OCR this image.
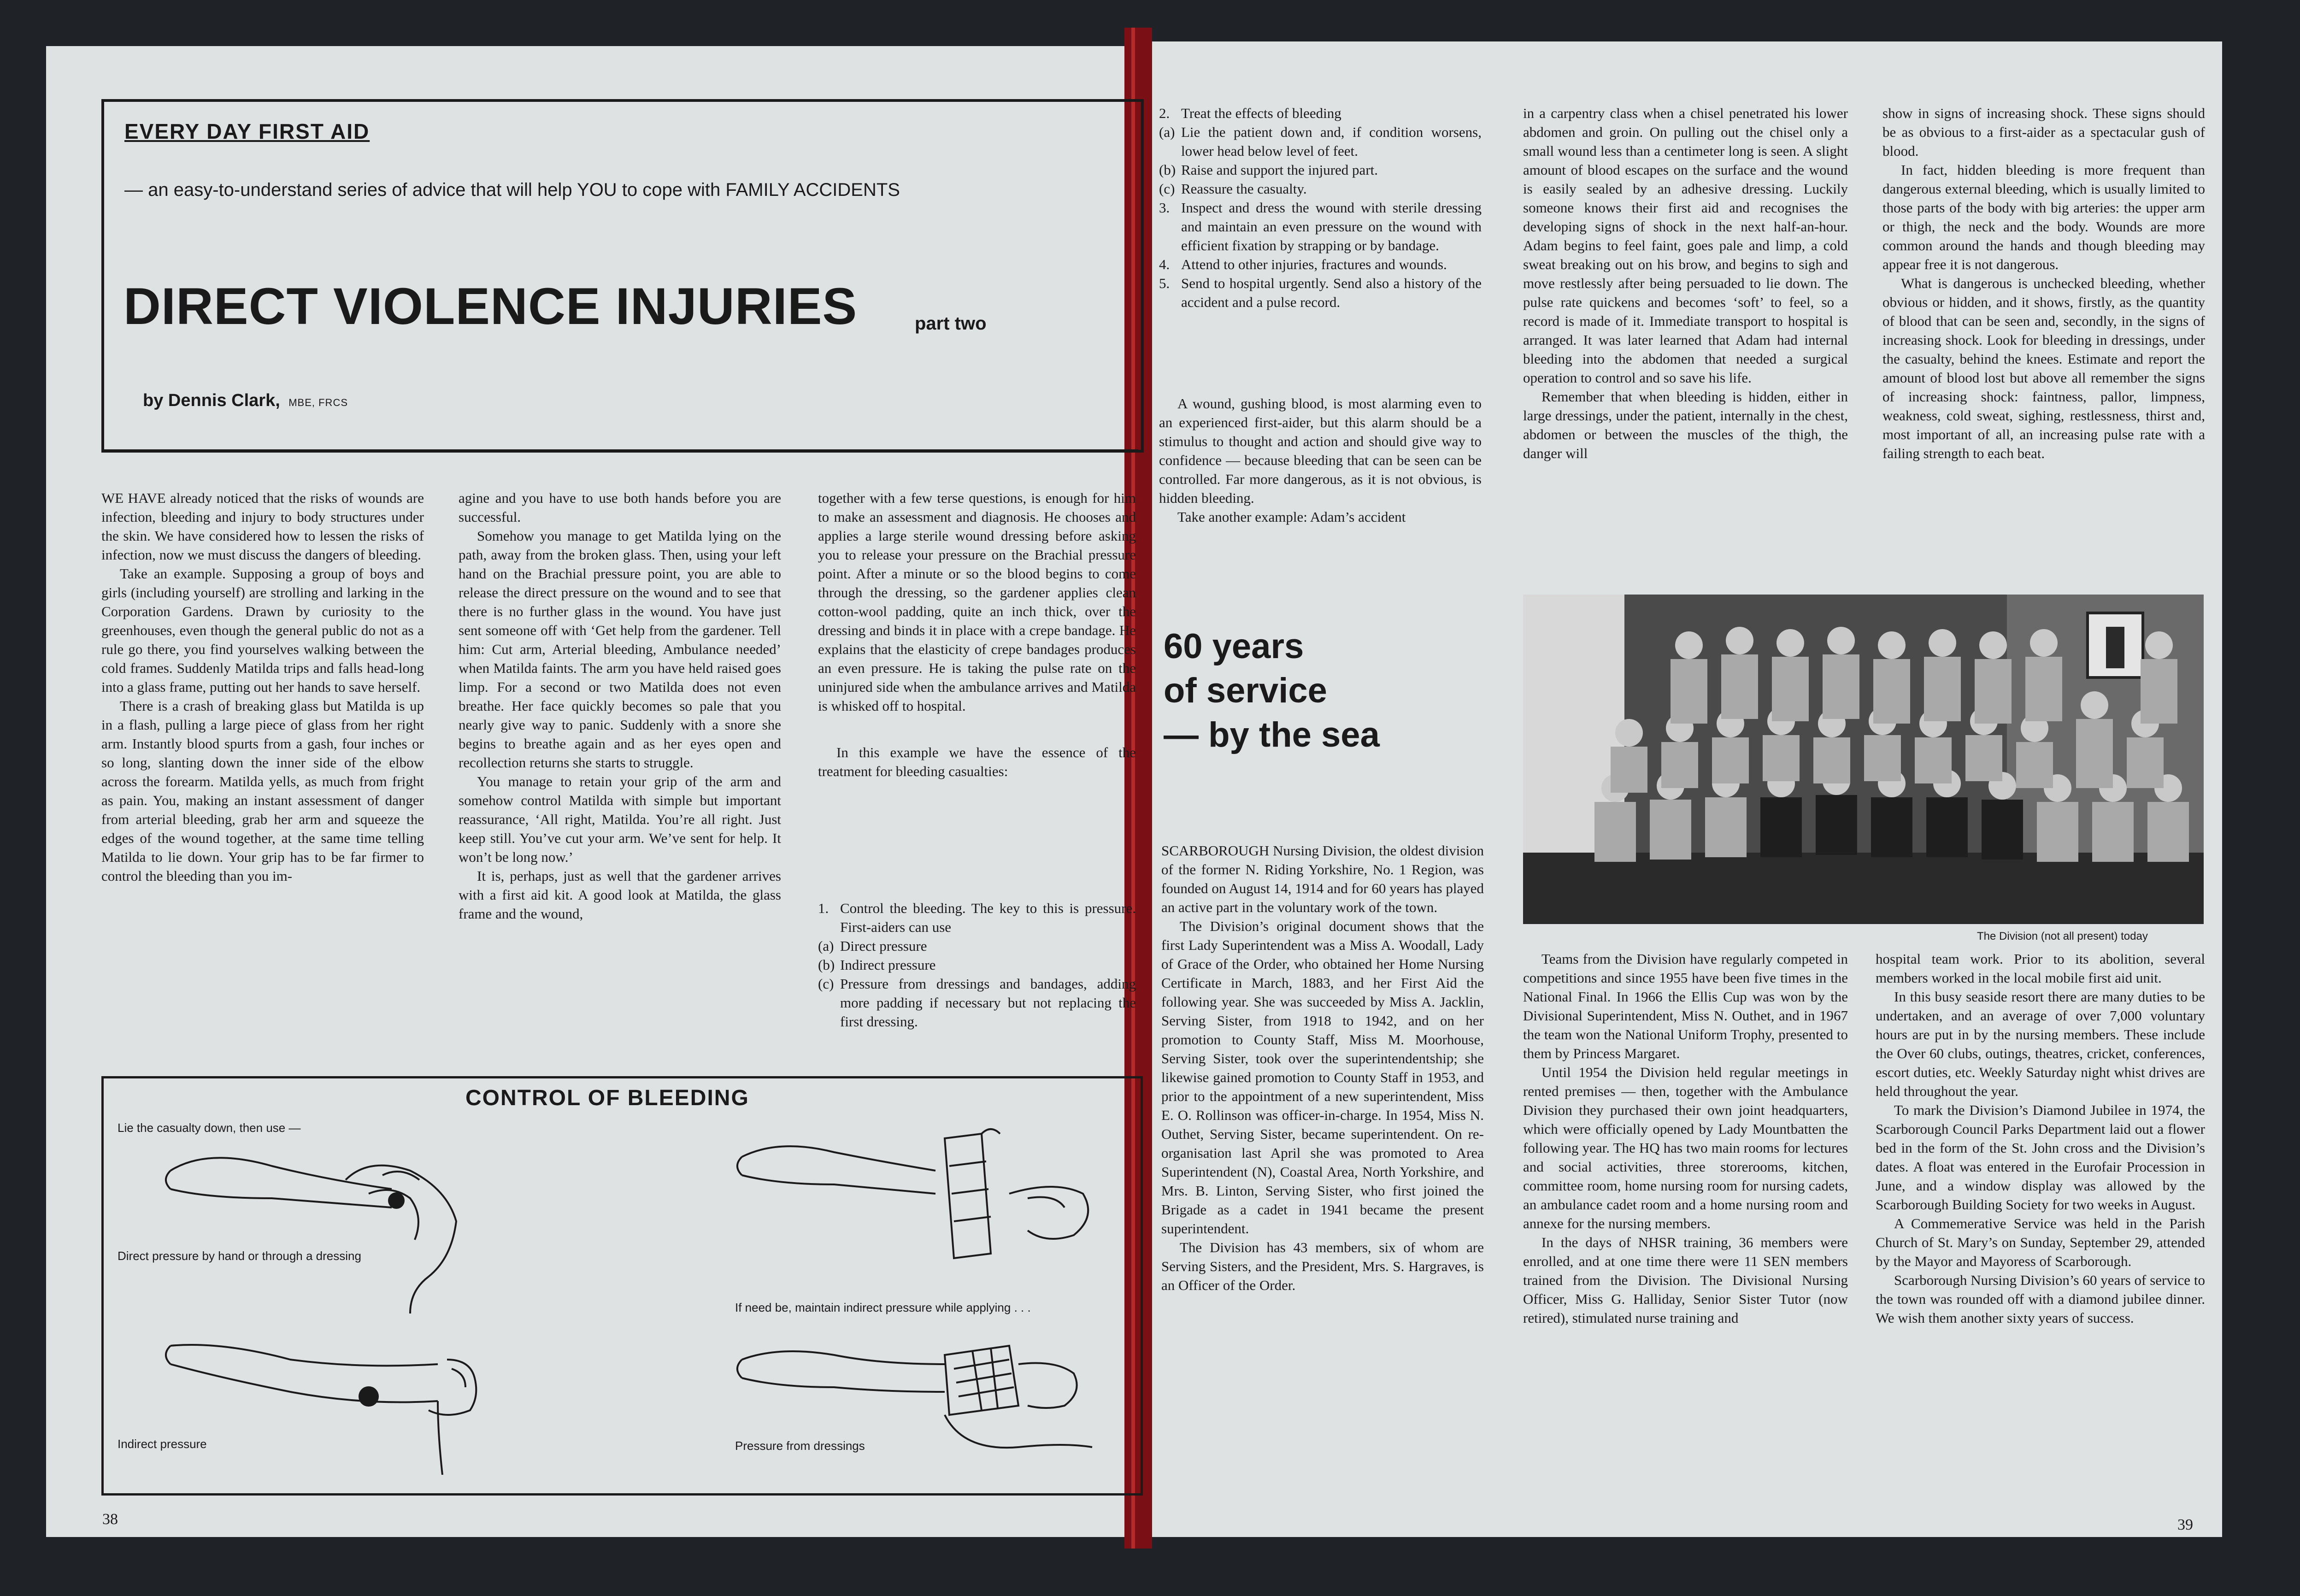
EVERY DAY FIRST AID
— an easy-to-understand series of advice that will help YOU to cope with FAMILY ACCIDENTS
DIRECT VIOLENCE INJURIES	part two
by Dennis Clark, MBE, FRCS

WE HAVE already noticed that the risks of wounds are infection, bleeding and injury to body structures under the skin. We have considered how to lessen the risks of infection, now we must discuss the dangers of bleeding.

Take an example. Supposing a group of boys and girls (including yourself) are strolling and larking in the Corporation Gardens. Drawn by curiosity to the greenhouses, even though the general public do not as a rule go there, you find yourselves walking between the cold frames. Suddenly Matilda trips and falls head-long into a glass frame, putting out her hands to save herself.

There is a crash of breaking glass but Matilda is up in a flash, pulling a large piece of glass from her right arm. Instantly blood spurts from a gash, four inches or so long, slanting down the inner side of the elbow across the forearm. Matilda yells, as much from fright as pain. You, making an instant assessment of danger from arterial bleeding, grab her arm and squeeze the edges of the wound together, at the same time telling Matilda to lie down. Your grip has to be far firmer to control the bleeding than you im-

agine and you have to use both hands before you are successful.

Somehow you manage to get Matilda lying on the path, away from the broken glass. Then, using your left hand on the Brachial pressure point, you are able to release the direct pressure on the wound and to see that there is no further glass in the wound. You have just sent someone off with ‘Get help from the gardener. Tell him: Cut arm, Arterial bleeding, Ambulance needed’ when Matilda faints. The arm you have held raised goes limp. For a second or two Matilda does not even breathe. Her face quickly becomes so pale that you nearly give way to panic. Suddenly with a snore she begins to breathe again and as her eyes open and recollection returns she starts to struggle.

You manage to retain your grip of the arm and somehow control Matilda with simple but important reassurance, ‘All right, Matilda. You’re all right. Just keep still. You’ve cut your arm. We’ve sent for help. It won’t be long now.’

It is, perhaps, just as well that the gardener arrives with a first aid kit. A good look at Matilda, the glass frame and the wound,

together with a few terse questions, is enough for him to make an assessment and diagnosis. He chooses and applies a large sterile wound dressing before asking you to release your pressure on the Brachial pressure point. After a minute or so the blood begins to come through the dressing, so the gardener applies clean cotton-wool padding, quite an inch thick, over the dressing and binds it in place with a crepe bandage. He explains that the elasticity of crepe bandages produces an even pressure. He is taking the pulse rate on the uninjured side when the ambulance arrives and Matilda is whisked off to hospital.

In this example we have the essence of the treatment for bleeding casualties:

1. Control the bleeding. The key to this is pressure. First-aiders can use
(a) Direct pressure
(b) Indirect pressure
(c) Pressure from dressings and bandages, adding more padding if necessary but not replacing the first dressing.
CONTROL OF BLEEDING
Lie the casualty down, then use —
Direct pressure by hand or through a dressing
Indirect pressure
If need be, maintain indirect pressure while applying . . .
Pressure from dressings
38
2. Treat the effects of bleeding
(a) Lie the patient down and, if condition worsens, lower head below level of feet.
(b) Raise and support the injured part.
(c) Reassure the casualty.
3. Inspect and dress the wound with sterile dressing and maintain an even pressure on the wound with efficient fixation by strapping or by bandage.
4. Attend to other injuries, fractures and wounds.
5. Send to hospital urgently. Send also a history of the accident and a pulse record.

A wound, gushing blood, is most alarming even to an experienced first-aider, but this alarm should be a stimulus to thought and action and should give way to confidence — because bleeding that can be seen can be controlled. Far more dangerous, as it is not obvious, is hidden bleeding.

Take another example: Adam’s accident

in a carpentry class when a chisel penetrated his lower abdomen and groin. On pulling out the chisel only a small wound less than a centimeter long is seen. A slight amount of blood escapes on the surface and the wound is easily sealed by an adhesive dressing. Luckily someone knows their first aid and recognises the developing signs of shock in the next half-an-hour. Adam begins to feel faint, goes pale and limp, a cold sweat breaking out on his brow, and begins to sigh and move restlessly after being persuaded to lie down. The pulse rate quickens and becomes ‘soft’ to feel, so a record is made of it. Immediate transport to hospital is arranged. It was later learned that Adam had internal bleeding into the abdomen that needed a surgical operation to control and so save his life.

Remember that when bleeding is hidden, either in large dressings, under the patient, internally in the chest, abdomen or between the muscles of the thigh, the danger will

show in signs of increasing shock. These signs should be as obvious to a first-aider as a spectacular gush of blood.

In fact, hidden bleeding is more frequent than dangerous external bleeding, which is usually limited to those parts of the body with big arteries: the upper arm or thigh, the neck and the body. Wounds are more common around the hands and though bleeding may appear free it is not dangerous.

What is dangerous is unchecked bleeding, whether obvious or hidden, and it shows, firstly, as the quantity of blood that can be seen and, secondly, in the signs of increasing shock. Look for bleeding in dressings, under the casualty, behind the knees. Estimate and report the amount of blood lost but above all remember the signs of increasing shock: faintness, pallor, limpness, weakness, cold sweat, sighing, restlessness, thirst and, most important of all, an increasing pulse rate with a failing strength to each beat.

60 years
of service
— by the sea
The Division (not all present) today

SCARBOROUGH Nursing Division, the oldest division of the former N. Riding Yorkshire, No. 1 Region, was founded on August 14, 1914 and for 60 years has played an active part in the voluntary work of the town.

The Division’s original document shows that the first Lady Superintendent was a Miss A. Woodall, Lady of Grace of the Order, who obtained her Home Nursing Certificate in March, 1883, and her First Aid the following year. She was succeeded by Miss A. Jacklin, Serving Sister, from 1918 to 1942, and on her promotion to County Staff, Miss M. Moorhouse, Serving Sister, took over the superintendentship; she likewise gained promotion to County Staff in 1953, and prior to the appointment of a new superintendent, Miss E. O. Rollinson was officer-in-charge. In 1954, Miss N. Outhet, Serving Sister, became superintendent. On re-organisation last April she was promoted to Area Superintendent (N), Coastal Area, North Yorkshire, and Mrs. B. Linton, Serving Sister, who first joined the Brigade as a cadet in 1941 became the present superintendent.

The Division has 43 members, six of whom are Serving Sisters, and the President, Mrs. S. Hargraves, is an Officer of the Order.

Teams from the Division have regularly competed in competitions and since 1955 have been five times in the National Final. In 1966 the Ellis Cup was won by the Divisional Superintendent, Miss N. Outhet, and in 1967 the team won the National Uniform Trophy, presented to them by Princess Margaret.

Until 1954 the Division held regular meetings in rented premises — then, together with the Ambulance Division they purchased their own joint headquarters, which were officially opened by Lady Mountbatten the following year. The HQ has two main rooms for lectures and social activities, three storerooms, kitchen, committee room, home nursing room for nursing cadets, an ambulance cadet room and a home nursing room and annexe for the nursing members.

In the days of NHSR training, 36 members were enrolled, and at one time there were 11 SEN members trained from the Division. The Divisional Nursing Officer, Miss G. Halliday, Senior Sister Tutor (now retired), stimulated nurse training and

hospital team work. Prior to its abolition, several members worked in the local mobile first aid unit.

In this busy seaside resort there are many duties to be undertaken, and an average of over 7,000 voluntary hours are put in by the nursing members. These include the Over 60 clubs, outings, theatres, cricket, conferences, escort duties, etc. Weekly Saturday night whist drives are held throughout the year.

To mark the Division’s Diamond Jubilee in 1974, the Scarborough Council Parks Department laid out a flower bed in the form of the St. John cross and the Division’s dates. A float was entered in the Eurofair Procession in June, and a window display was allowed by the Scarborough Building Society for two weeks in August.

A Commemerative Service was held in the Parish Church of St. Mary’s on Sunday, September 29, attended by the Mayor and Mayoress of Scarborough.

Scarborough Nursing Division’s 60 years of service to the town was rounded off with a diamond jubilee dinner. We wish them another sixty years of success.

39
